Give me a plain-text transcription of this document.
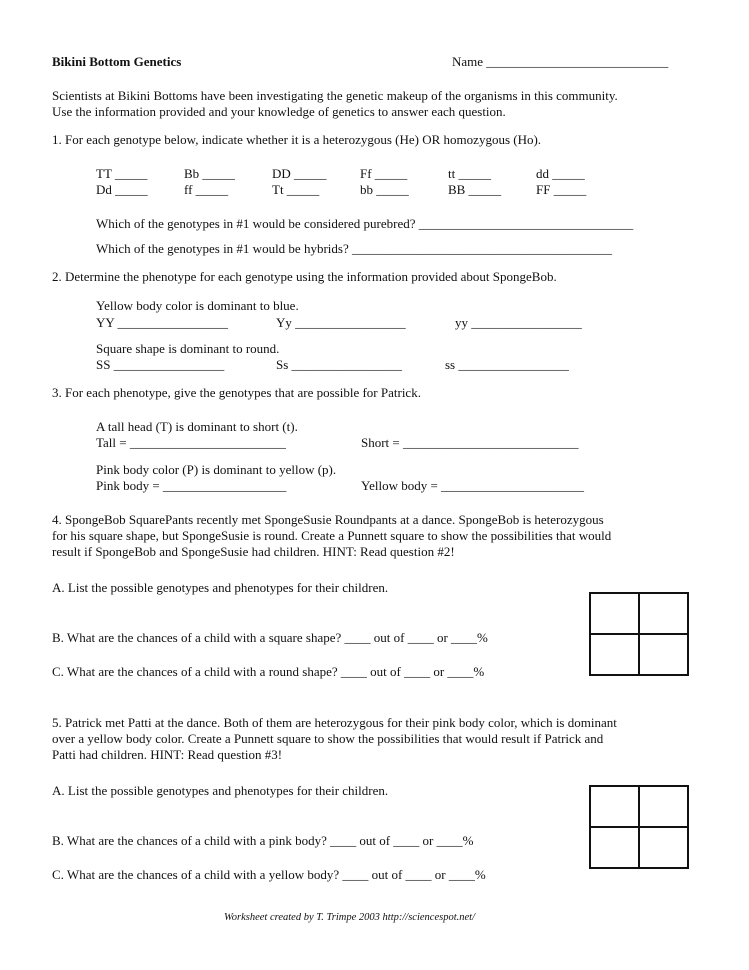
Bikini Bottom Genetics	Name ____________________________
Scientists at Bikini Bottoms have been investigating the genetic makeup of the organisms in this community.
Use the information provided and your knowledge of genetics to answer each question.
1. For each genotype below, indicate whether it is a heterozygous (He) OR homozygous (Ho).
TT _____	Bb _____	DD _____	Ff _____	tt _____	dd _____
Dd _____	ff _____	Tt _____	bb _____	BB _____	FF _____
Which of the genotypes in #1 would be considered purebred? _________________________________
Which of the genotypes in #1 would be hybrids? ________________________________________
2. Determine the phenotype for each genotype using the information provided about SpongeBob.
Yellow body color is dominant to blue.
YY _________________	Yy _________________	yy _________________
Square shape is dominant to round.
SS _________________	Ss _________________	ss _________________
3. For each phenotype, give the genotypes that are possible for Patrick.
A tall head (T) is dominant to short (t).
Tall = ________________________	Short = ___________________________
Pink body color (P) is dominant to yellow (p).
Pink body = ___________________	Yellow body = ______________________
4. SpongeBob SquarePants recently met SpongeSusie Roundpants at a dance. SpongeBob is heterozygous
for his square shape, but SpongeSusie is round. Create a Punnett square to show the possibilities that would
result if SpongeBob and SpongeSusie had children. HINT: Read question #2!
A. List the possible genotypes and phenotypes for their children.
B. What are the chances of a child with a square shape? ____ out of ____ or ____%
C. What are the chances of a child with a round shape? ____ out of ____ or ____%
5. Patrick met Patti at the dance. Both of them are heterozygous for their pink body color, which is dominant
over a yellow body color. Create a Punnett square to show the possibilities that would result if Patrick and
Patti had children. HINT: Read question #3!
A. List the possible genotypes and phenotypes for their children.
B. What are the chances of a child with a pink body? ____ out of ____ or ____%
C. What are the chances of a child with a yellow body? ____ out of ____ or ____%
Worksheet created by T. Trimpe 2003 http://sciencespot.net/
